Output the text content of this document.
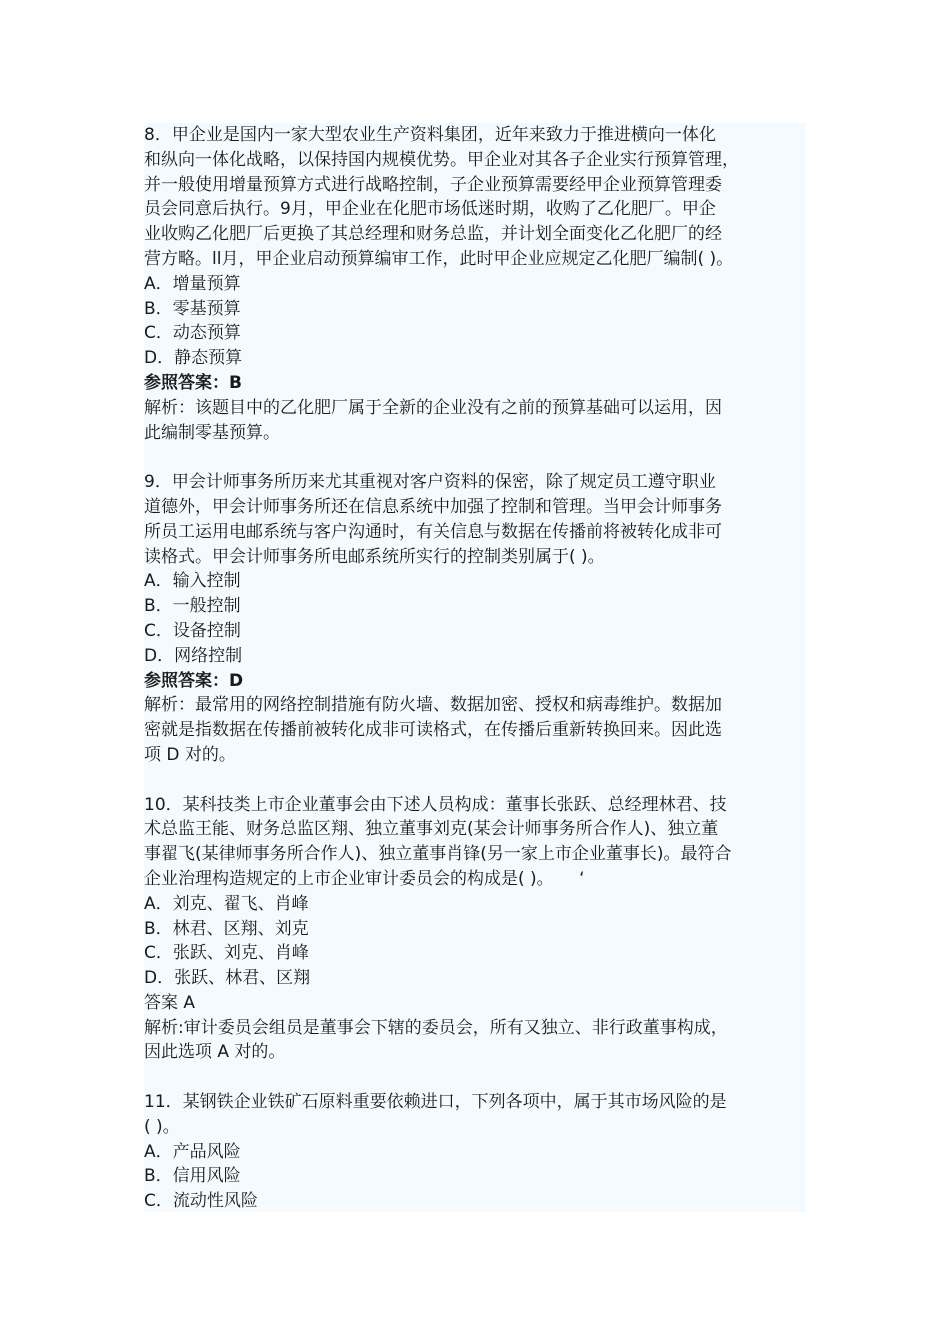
8．甲企业是国内一家大型农业生产资料集团，近年来致力于推进横向一体化
和纵向一体化战略，以保持国内规模优势。甲企业对其各子企业实行预算管理，
并一般使用增量预算方式进行战略控制，子企业预算需要经甲企业预算管理委
员会同意后执行。9月，甲企业在化肥市场低迷时期，收购了乙化肥厂。甲企
业收购乙化肥厂后更换了其总经理和财务总监，并计划全面变化乙化肥厂的经
营方略。ll月，甲企业启动预算编审工作，此时甲企业应规定乙化肥厂编制( )。
A．增量预算
B．零基预算
C．动态预算
D．静态预算
参照答案：B
解析：该题目中的乙化肥厂属于全新的企业没有之前的预算基础可以运用，因
此编制零基预算。
9．甲会计师事务所历来尤其重视对客户资料的保密，除了规定员工遵守职业
道德外，甲会计师事务所还在信息系统中加强了控制和管理。当甲会计师事务
所员工运用电邮系统与客户沟通时，有关信息与数据在传播前将被转化成非可
读格式。甲会计师事务所电邮系统所实行的控制类别属于( )。
A．输入控制
B．一般控制
C．设备控制
D．网络控制
参照答案：D
解析：最常用的网络控制措施有防火墙、数据加密、授权和病毒维护。数据加
密就是指数据在传播前被转化成非可读格式，在传播后重新转换回来。因此选
项 D 对的。
10．某科技类上市企业董事会由下述人员构成：董事长张跃、总经理林君、技
术总监王能、财务总监区翔、独立董事刘克(某会计师事务所合作人)、独立董
事翟飞(某律师事务所合作人)、独立董事肖锋(另一家上市企业董事长)。最符合
企业治理构造规定的上市企业审计委员会的构成是( )。　　‘
A．刘克、翟飞、肖峰
B．林君、区翔、刘克
C．张跃、刘克、肖峰
D．张跃、林君、区翔
答案 A
解析:审计委员会组员是董事会下辖的委员会，所有又独立、非行政董事构成，
因此选项 A 对的。
11．某钢铁企业铁矿石原料重要依赖进口，下列各项中，属于其市场风险的是
( )。
A．产品风险
B．信用风险
C．流动性风险
